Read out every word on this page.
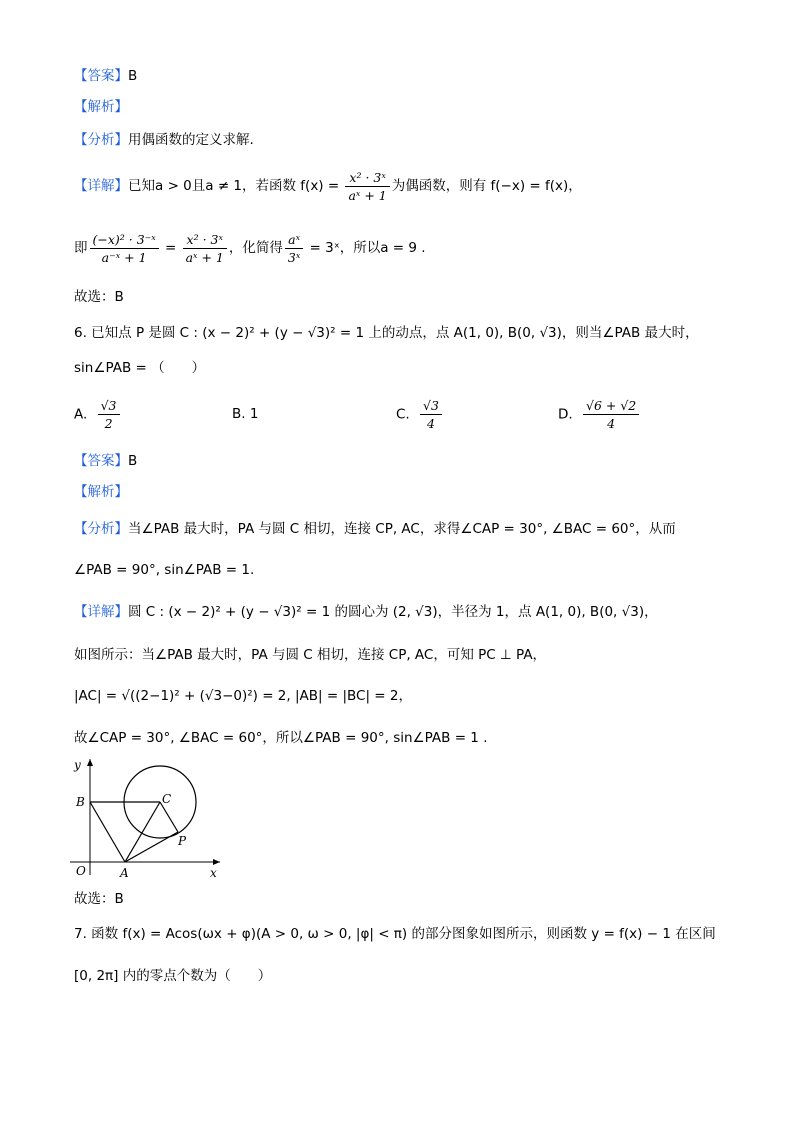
【答案】B
【解析】
【分析】用偶函数的定义求解.
【详解】已知a > 0且a ≠ 1，若函数 $f(x) = \frac{\text{x² · 3ˣ}}{\text{aˣ + 1}}$ 为偶函数，则有 f(−x) = f(x)，
即 $\frac{\text{(−x)² · 3⁻ˣ}}{\text{a⁻ˣ + 1}} = \frac{\text{x² · 3ˣ}}{\text{aˣ + 1}}$ ，化简得 $\frac{\text{aˣ}}{\text{3ˣ}}$ = 3ˣ，所以a = 9 .
故选：B
6. 已知点 P 是圆 C : (x − 2)² + (y − √3)² = 1 上的动点，点 A(1, 0), B(0, √3)，则当∠PAB 最大时，
sin∠PAB = （　　）
A. $\frac{√3}{2}$	B. 1	C. $\frac{√3}{4}$	D. $\frac{√6 + √2}{4}$
【答案】B
【解析】
【分析】当∠PAB 最大时，PA 与圆 C 相切，连接 CP, AC，求得∠CAP = 30°, ∠BAC = 60°，从而
∠PAB = 90°, sin∠PAB = 1.
【详解】圆 C : (x − 2)² + (y − √3)² = 1 的圆心为 (2, √3)，半径为 1，点 A(1, 0), B(0, √3)，
如图所示：当∠PAB 最大时，PA 与圆 C 相切，连接 CP, AC，可知 PC ⊥ PA，
|AC| = √((2−1)² + (√3−0)²) = 2, |AB| = |BC| = 2，
故∠CAP = 30°, ∠BAC = 60°，所以∠PAB = 90°, sin∠PAB = 1 .
y
x
O	A
B	C
P
故选：B
7. 函数 f(x) = Acos(ωx + φ)(A > 0, ω > 0, |φ| < π) 的部分图象如图所示，则函数 y = f(x) − 1 在区间
[0, 2π] 内的零点个数为（　　）
